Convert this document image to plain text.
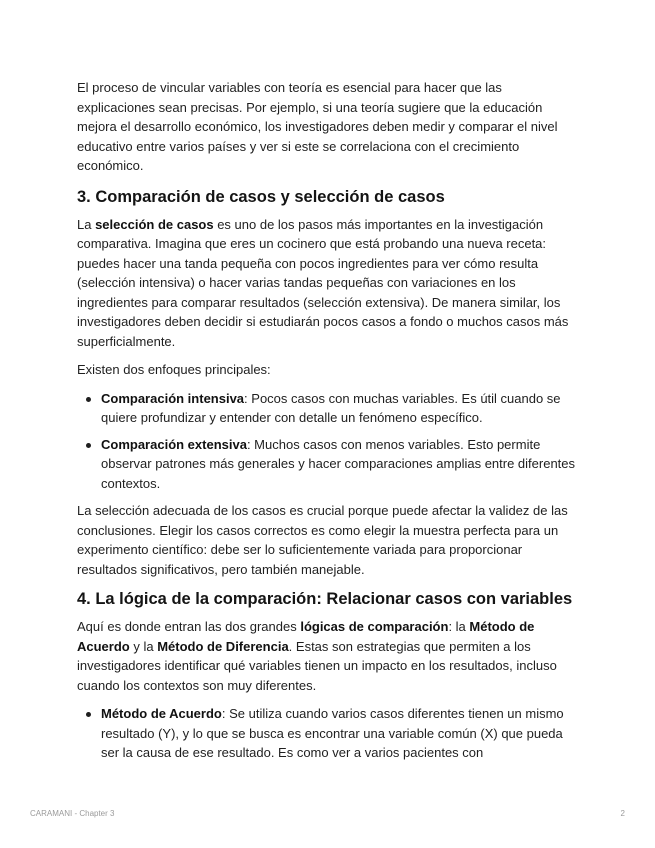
El proceso de vincular variables con teoría es esencial para hacer que las explicaciones sean precisas. Por ejemplo, si una teoría sugiere que la educación mejora el desarrollo económico, los investigadores deben medir y comparar el nivel educativo entre varios países y ver si este se correlaciona con el crecimiento económico.

3. Comparación de casos y selección de casos

La selección de casos es uno de los pasos más importantes en la investigación comparativa. Imagina que eres un cocinero que está probando una nueva receta: puedes hacer una tanda pequeña con pocos ingredientes para ver cómo resulta (selección intensiva) o hacer varias tandas pequeñas con variaciones en los ingredientes para comparar resultados (selección extensiva). De manera similar, los investigadores deben decidir si estudiarán pocos casos a fondo o muchos casos más superficialmente.

Existen dos enfoques principales:

Comparación intensiva: Pocos casos con muchas variables. Es útil cuando se quiere profundizar y entender con detalle un fenómeno específico.
Comparación extensiva: Muchos casos con menos variables. Esto permite observar patrones más generales y hacer comparaciones amplias entre diferentes contextos.

La selección adecuada de los casos es crucial porque puede afectar la validez de las conclusiones. Elegir los casos correctos es como elegir la muestra perfecta para un experimento científico: debe ser lo suficientemente variada para proporcionar resultados significativos, pero también manejable.

4. La lógica de la comparación: Relacionar casos con variables

Aquí es donde entran las dos grandes lógicas de comparación: la Método de Acuerdo y la Método de Diferencia. Estas son estrategias que permiten a los investigadores identificar qué variables tienen un impacto en los resultados, incluso cuando los contextos son muy diferentes.

Método de Acuerdo: Se utiliza cuando varios casos diferentes tienen un mismo resultado (Y), y lo que se busca es encontrar una variable común (X) que pueda ser la causa de ese resultado. Es como ver a varios pacientes con
CARAMANI - Chapter 3	2
